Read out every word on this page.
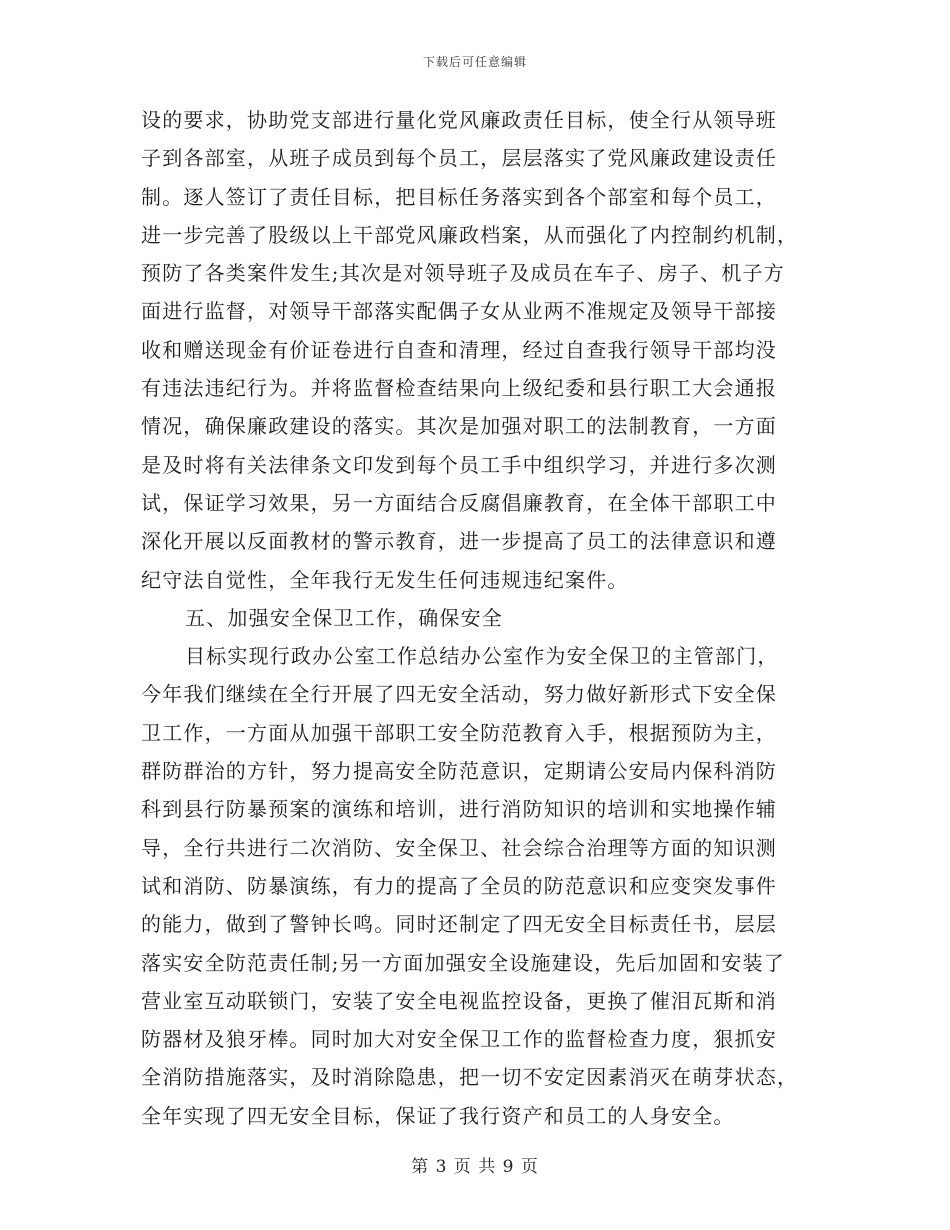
下载后可任意编辑
设的要求，协助党支部进行量化党风廉政责任目标，使全行从领导班
子到各部室，从班子成员到每个员工，层层落实了党风廉政建设责任
制。逐人签订了责任目标，把目标任务落实到各个部室和每个员工，
进一步完善了股级以上干部党风廉政档案，从而强化了内控制约机制，
预防了各类案件发生;其次是对领导班子及成员在车子、房子、机子方
面进行监督，对领导干部落实配偶子女从业两不准规定及领导干部接
收和赠送现金有价证卷进行自查和清理，经过自查我行领导干部均没
有违法违纪行为。并将监督检查结果向上级纪委和县行职工大会通报
情况，确保廉政建设的落实。其次是加强对职工的法制教育，一方面
是及时将有关法律条文印发到每个员工手中组织学习，并进行多次测
试，保证学习效果，另一方面结合反腐倡廉教育，在全体干部职工中
深化开展以反面教材的警示教育，进一步提高了员工的法律意识和遵
纪守法自觉性，全年我行无发生任何违规违纪案件。
五、加强安全保卫工作，确保安全
目标实现行政办公室工作总结办公室作为安全保卫的主管部门，
今年我们继续在全行开展了四无安全活动，努力做好新形式下安全保
卫工作，一方面从加强干部职工安全防范教育入手，根据预防为主，
群防群治的方针，努力提高安全防范意识，定期请公安局内保科消防
科到县行防暴预案的演练和培训，进行消防知识的培训和实地操作辅
导，全行共进行二次消防、安全保卫、社会综合治理等方面的知识测
试和消防、防暴演练，有力的提高了全员的防范意识和应变突发事件
的能力，做到了警钟长鸣。同时还制定了四无安全目标责任书，层层
落实安全防范责任制;另一方面加强安全设施建设，先后加固和安装了
营业室互动联锁门，安装了安全电视监控设备，更换了催泪瓦斯和消
防器材及狼牙棒。同时加大对安全保卫工作的监督检查力度，狠抓安
全消防措施落实，及时消除隐患，把一切不安定因素消灭在萌芽状态，
全年实现了四无安全目标，保证了我行资产和员工的人身安全。
第 3 页 共 9 页
